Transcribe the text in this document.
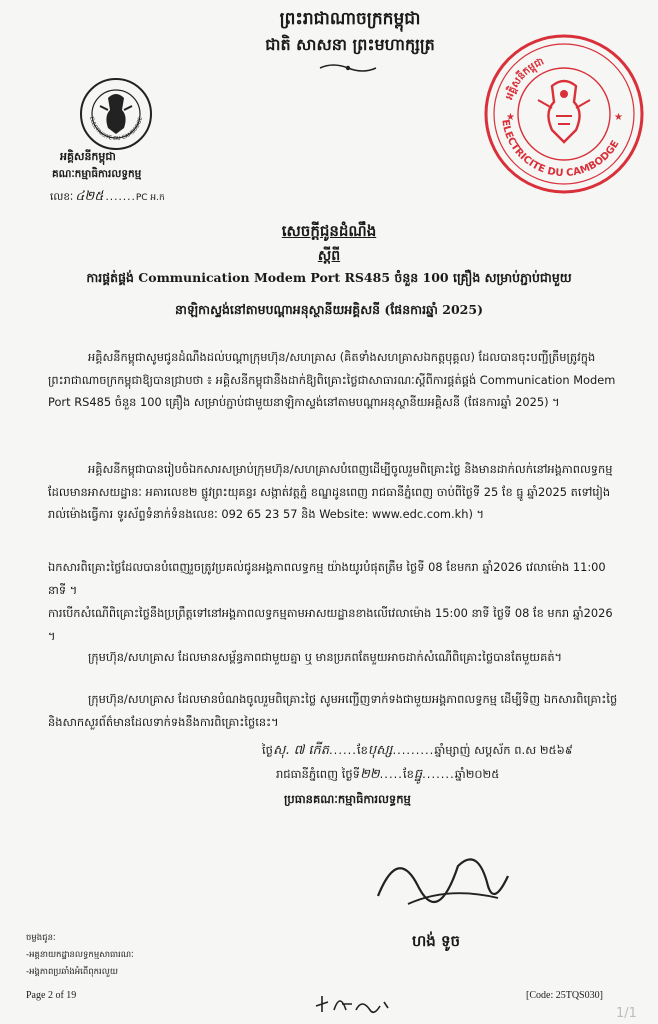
ព្រះរាជាណាចក្រកម្ពុជា
ជាតិ សាសនា ព្រះមហាក្សត្រ
ELECTRICITE DU CAMBODGE
អគ្គិសនីកម្ពុជា
គណៈកម្មាធិការលទ្ធកម្ម
លេខៈ ៤២៥ .......PC អ.ក
ELECTRICITE DU CAMBODGE
អគ្គិសនីកម្ពុជា
★	★
សេចក្តីជូនដំណឹង
ស្តីពី
ការផ្គត់ផ្គង់ Communication Modem Port RS485 ចំនួន 100 គ្រឿង សម្រាប់ភ្ជាប់ជាមួយ
នាឡិកាស្ទង់នៅតាមបណ្តាអនុស្ថានីយអគ្គិសនី (ផែនការឆ្នាំ 2025)

អគ្គិសនីកម្ពុជាសូមជូនដំណឹងដល់បណ្តាក្រុមហ៊ុន/សហគ្រាស (គិតទាំងសហគ្រាសឯកត្តបុគ្គល) ដែលបានចុះបញ្ជីត្រឹមត្រូវក្នុងព្រះរាជាណាចក្រកម្ពុជាឱ្យបានជ្រាបថា ៖ អគ្គិសនីកម្ពុជានឹងដាក់ឱ្យពិគ្រោះថ្លៃជាសាធារណៈស្តីពីការផ្គត់ផ្គង់ Communication Modem Port RS485 ចំនួន 100 គ្រឿង សម្រាប់ភ្ជាប់ជាមួយនាឡិកាស្ទង់នៅតាមបណ្តាអនុស្ថានីយអគ្គិសនី (ផែនការឆ្នាំ 2025) ។

អគ្គិសនីកម្ពុជាបានរៀបចំឯកសារសម្រាប់ក្រុមហ៊ុន/សហគ្រាសបំពេញដើម្បីចូលរួមពិគ្រោះថ្លៃ និងមានដាក់លក់នៅអង្គភាពលទ្ធកម្ម ដែលមានអាសយដ្ឋានៈ អគារលេខ២ ផ្លូវព្រះយុគន្ធរ សង្កាត់វត្តភ្នំ ខណ្ឌដូនពេញ រាជធានីភ្នំពេញ ចាប់ពីថ្ងៃទី 25 ខែ ធ្នូ ឆ្នាំ2025 តទៅរៀងរាល់ម៉ោងធ្វើការ ទូរស័ព្ទទំនាក់ទំនងលេខៈ 092 65 23 57 និង Website: www.edc.com.kh) ។

ឯកសារពិគ្រោះថ្លៃដែលបានបំពេញរួចត្រូវប្រគល់ជូនអង្គភាពលទ្ធកម្ម យ៉ាងយូរបំផុតត្រឹម ថ្ងៃទី 08 ខែមករា ឆ្នាំ2026 វេលាម៉ោង 11:00 នាទី ។

ការបើកសំណើពិគ្រោះថ្លៃនឹងប្រព្រឹត្តទៅនៅអង្គភាពលទ្ធកម្មតាមអាសយដ្ឋានខាងលើវេលាម៉ោង 15:00 នាទី ថ្ងៃទី 08 ខែ មករា ឆ្នាំ2026 ។

ក្រុមហ៊ុន/សហគ្រាស ដែលមានសម្ព័ន្ធភាពជាមួយគ្នា ឬ មានប្រភពតែមួយអាចដាក់សំណើពិគ្រោះថ្លៃបានតែមួយគត់។

ក្រុមហ៊ុន/សហគ្រាស ដែលមានបំណងចូលរួមពិគ្រោះថ្លៃ សូមអញ្ជើញទាក់ទងជាមួយអង្គភាពលទ្ធកម្ម ដើម្បីទិញ ឯកសារពិគ្រោះថ្លៃ និងសាកសួរព័ត៌មានដែលទាក់ទងនឹងការពិគ្រោះថ្លៃនេះ។

ថ្ងៃសុ. ៧ កើត......ខែបុស្ស.........ឆ្នាំម្សាញ់ សប្តស័ក ព.ស ២៥៦៩
រាជធានីភ្នំពេញ ថ្ងៃទី២២.....ខែធ្នូ.......ឆ្នាំ២០២៥
ប្រធានគណៈកម្មាធិការលទ្ធកម្ម
ហង់ ទូច
ចម្លងជូនៈ
-អគ្គនាយកដ្ឋានលទ្ធកម្មសាធារណៈ
-អង្គភាពប្រឆាំងអំពើពុករលួយ
Page 2 of 19	[Code: 25TQS030]
1/1
